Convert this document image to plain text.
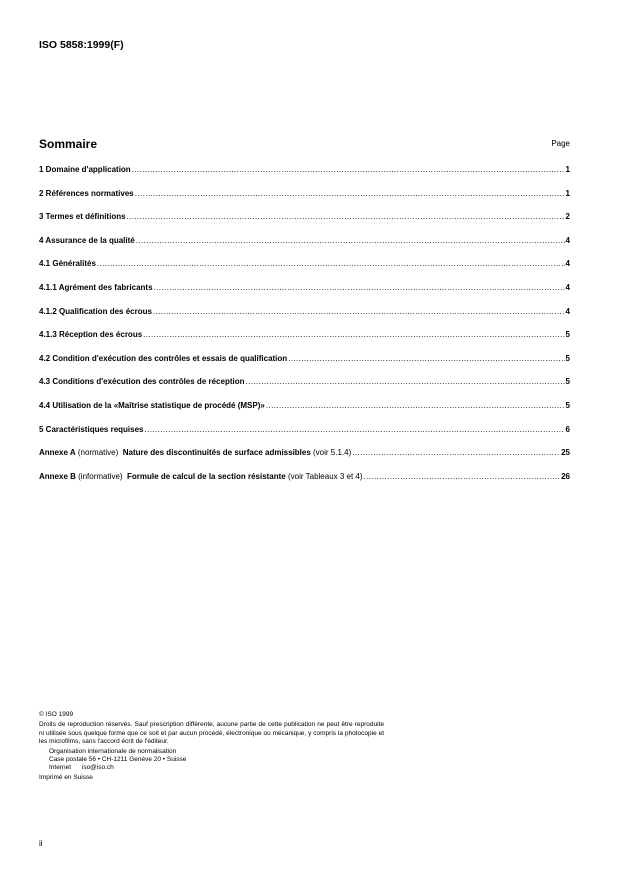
ISO 5858:1999(F)
Sommaire	Page
1 Domaine d'application .....	1
2 Références normatives .....	1
3 Termes et définitions .....	2
4 Assurance de la qualité .....	4
4.1 Généralités .....	4
4.1.1 Agrément des fabricants .....	4
4.1.2 Qualification des écrous .....	4
4.1.3 Réception des écrous .....	5
4.2 Condition d'exécution des contrôles et essais de qualification .....	5
4.3 Conditions d'exécution des contrôles de réception .....	5
4.4 Utilisation de la «Maîtrise statistique de procédé (MSP)» .....	5
5 Caractéristiques requises .....	6
Annexe A (normative) Nature des discontinuités de surface admissibles (voir 5.1.4) .....	25
Annexe B (informative) Formule de calcul de la section résistante (voir Tableaux 3 et 4) .....	26
© ISO 1999
Droits de reproduction réservés. Sauf prescription différente, aucune partie de cette publication ne peut être reproduite ni utilisée sous quelque forme que ce soit et par aucun procédé, électronique ou mécanique, y compris la photocopie et les microfilms, sans l'accord écrit de l'éditeur.
Organisation internationale de normalisation
Case postale 56 • CH-1211 Genève 20 • Suisse
Internet      iso@iso.ch
Imprimé en Suisse
ii
